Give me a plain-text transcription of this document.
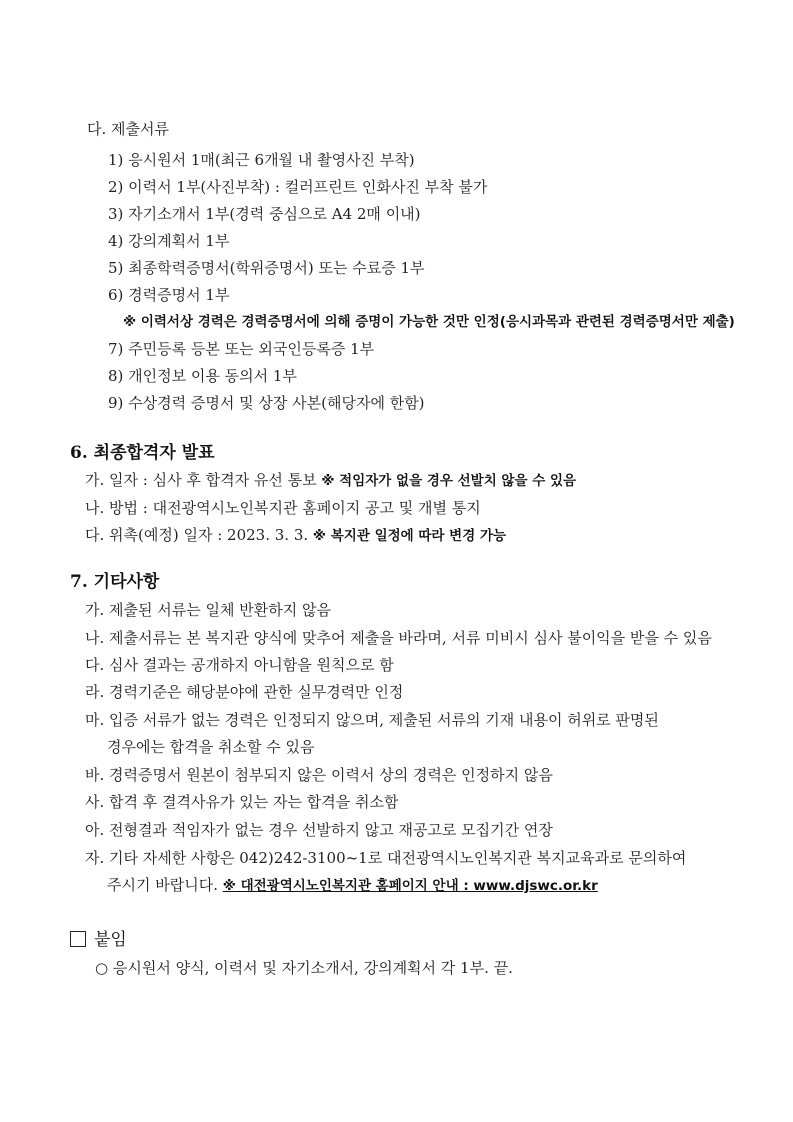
다. 제출서류
1) 응시원서 1매(최근 6개월 내 촬영사진 부착)
2) 이력서 1부(사진부착) : 컬러프린트 인화사진 부착 불가
3) 자기소개서 1부(경력 중심으로 A4 2매 이내)
4) 강의계획서 1부
5) 최종학력증명서(학위증명서) 또는 수료증 1부
6) 경력증명서 1부
※ 이력서상 경력은 경력증명서에 의해 증명이 가능한 것만 인정(응시과목과 관련된 경력증명서만 제출)
7) 주민등록 등본 또는 외국인등록증 1부
8) 개인정보 이용 동의서 1부
9) 수상경력 증명서 및 상장 사본(해당자에 한함)
6. 최종합격자 발표
가. 일자 : 심사 후 합격자 유선 통보 ※ 적임자가 없을 경우 선발치 않을 수 있음
나. 방법 : 대전광역시노인복지관 홈페이지 공고 및 개별 통지
다. 위촉(예정) 일자 : 2023. 3. 3. ※ 복지관 일정에 따라 변경 가능
7. 기타사항
가. 제출된 서류는 일체 반환하지 않음
나. 제출서류는 본 복지관 양식에 맞추어 제출을 바라며, 서류 미비시 심사 불이익을 받을 수 있음
다. 심사 결과는 공개하지 아니함을 원칙으로 함
라. 경력기준은 해당분야에 관한 실무경력만 인정
마. 입증 서류가 없는 경력은 인정되지 않으며, 제출된 서류의 기재 내용이 허위로 판명된
경우에는 합격을 취소할 수 있음
바. 경력증명서 원본이 첨부되지 않은 이력서 상의 경력은 인정하지 않음
사. 합격 후 결격사유가 있는 자는 합격을 취소함
아. 전형결과 적임자가 없는 경우 선발하지 않고 재공고로 모집기간 연장
자. 기타 자세한 사항은 042)242-3100~1로 대전광역시노인복지관 복지교육과로 문의하여
주시기 바랍니다. ※ 대전광역시노인복지관 홈페이지 안내 : www.djswc.or.kr
붙임
○ 응시원서 양식, 이력서 및 자기소개서, 강의계획서 각 1부. 끝.
